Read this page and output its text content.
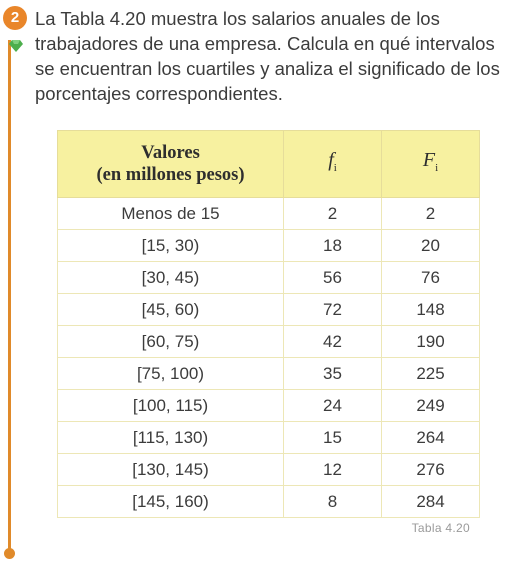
2 La Tabla 4.20 muestra los salarios anuales de los trabajadores de una empresa. Calcula en qué intervalos se encuentran los cuartiles y analiza el significado de los porcentajes correspondientes.

Valores
(en millones pesos)	$f_i$	$F_i$
Menos de 15	2	2
[15, 30)	18	20
[30, 45)	56	76
[45, 60)	72	148
[60, 75)	42	190
[75, 100)	35	225
[100, 115)	24	249
[115, 130)	15	264
[130, 145)	12	276
[145, 160)	8	284
Tabla 4.20
